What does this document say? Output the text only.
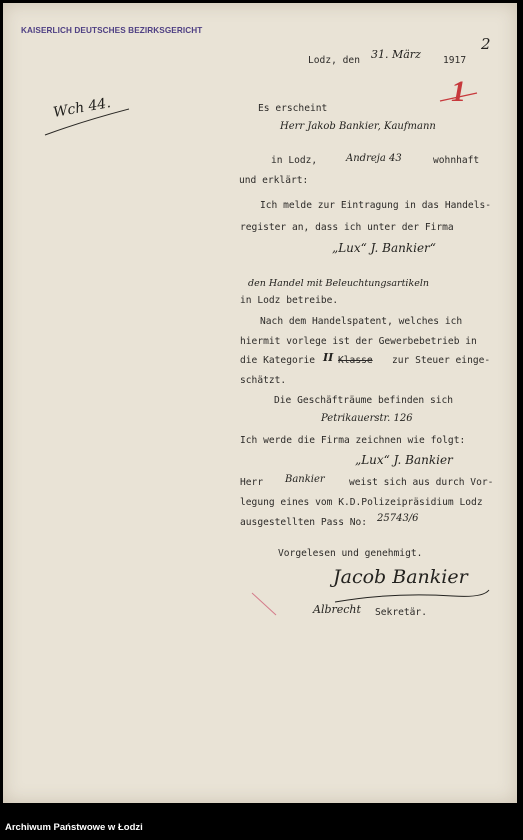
KAISERLICH DEUTSCHES BEZIRKSGERICHT
2
Lodz, den 31. März 1917
Wch 44.	1
Es erscheint
Herr Jakob Bankier, Kaufmann
in Lodz,	Andreja 43	wohnhaft
und erklärt:
Ich melde zur Eintragung in das Handels-
register an, dass ich unter der Firma
„Lux“ J. Bankier“
den Handel mit Beleuchtungsartikeln
in Lodz betreibe.
Nach dem Handelspatent, welches ich
hiermit vorlege ist der Gewerbebetrieb in
die Kategorie II Klasse zur Steuer einge-
schätzt.
Die Geschäfträume befinden sich
Petrikauerstr. 126
Ich werde die Firma zeichnen wie folgt:
„Lux“ J. Bankier
Herr Bankier	weist sich aus durch Vor-
legung eines vom K.D.Polizeipräsidium Lodz
ausgestellten Pass No: 25743/6
Vorgelesen und genehmigt.
Jacob Bankier
Albrecht Sekretär.
Archiwum Państwowe w Łodzi
